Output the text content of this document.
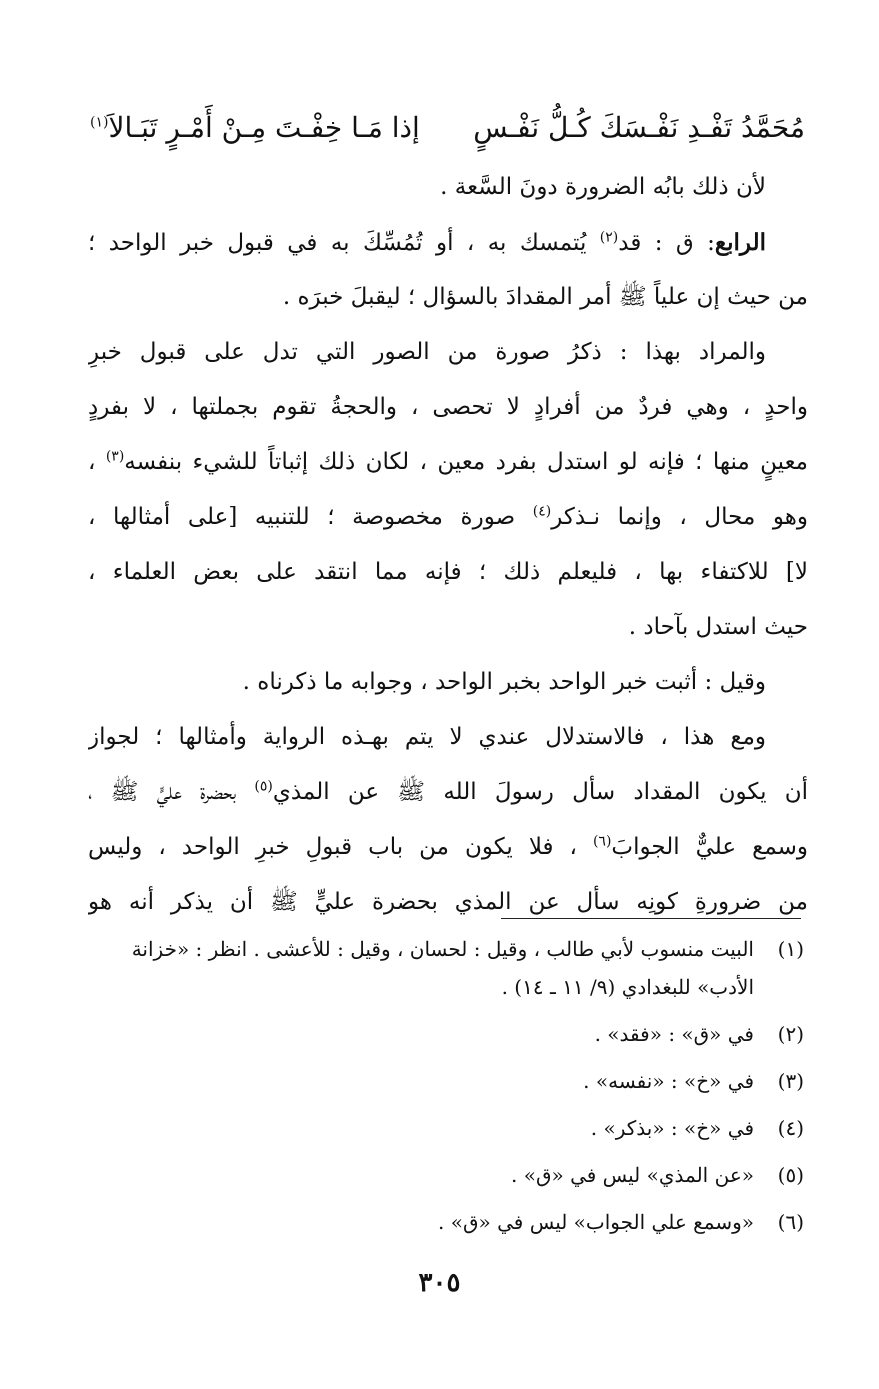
مُحَمَّدُ تَفْـدِ نَفْـسَكَ كُـلُّ نَفْـسٍ
إذا مَـا خِفْـتَ مِـنْ أَمْـرٍ تَبَـالاَ$^{(١)}$
لأن ذلك بابُه الضرورة دونَ السَّعة .
الرابع: ق : قد$^{(٢)}$ يُتمسك به ، أو تُمُسِّكَ به في قبول خبر الواحد ؛
من حيث إن علياً ﷺ أمر المقدادَ بالسؤال ؛ ليقبلَ خبرَه .
والمراد بهذا : ذكرُ صورة من الصور التي تدل على قبول خبرِ
واحدٍ ، وهي فردٌ من أفرادٍ لا تحصى ، والحجةُ تقوم بجملتها ، لا بفردٍ
معينٍ منها ؛ فإنه لو استدل بفرد معين ، لكان ذلك إثباتاً للشيء بنفسه$^{(٣)}$ ،
وهو محال ، وإنما نـذكر$^{(٤)}$ صورة مخصوصة ؛ للتنبيه [على أمثالها ،
لا] للاكتفاء بها ، فليعلم ذلك ؛ فإنه مما انتقد على بعض العلماء ،
حيث استدل بآحاد .
وقيل : أثبت خبر الواحد بخبر الواحد ، وجوابه ما ذكرناه .
ومع هذا ، فالاستدلال عندي لا يتم بهـذه الرواية وأمثالها ؛ لجواز
أن يكون المقداد سأل رسولَ الله ﷺ عن المذي$^{(٥)}$ بحضرة عليٍّ ﷺ ،
وسمع عليٌّ الجوابَ$^{(٦)}$ ، فلا يكون من باب قبولِ خبرِ الواحد ، وليس
من ضرورةِ كونِه سأل عن المذي بحضرة عليٍّ ﷺ أن يذكر أنه هو
(١)
البيت منسوب لأبي طالب ، وقيل : لحسان ، وقيل : للأعشى . انظر : «خزانة الأدب» للبغدادي (٩/ ١١ ـ ١٤) .
(٢)
في «ق» : «فقد» .
(٣)
في «خ» : «نفسه» .
(٤)
في «خ» : «بذكر» .
(٥)
«عن المذي» ليس في «ق» .
(٦)
«وسمع علي الجواب» ليس في «ق» .
٣٠٥
